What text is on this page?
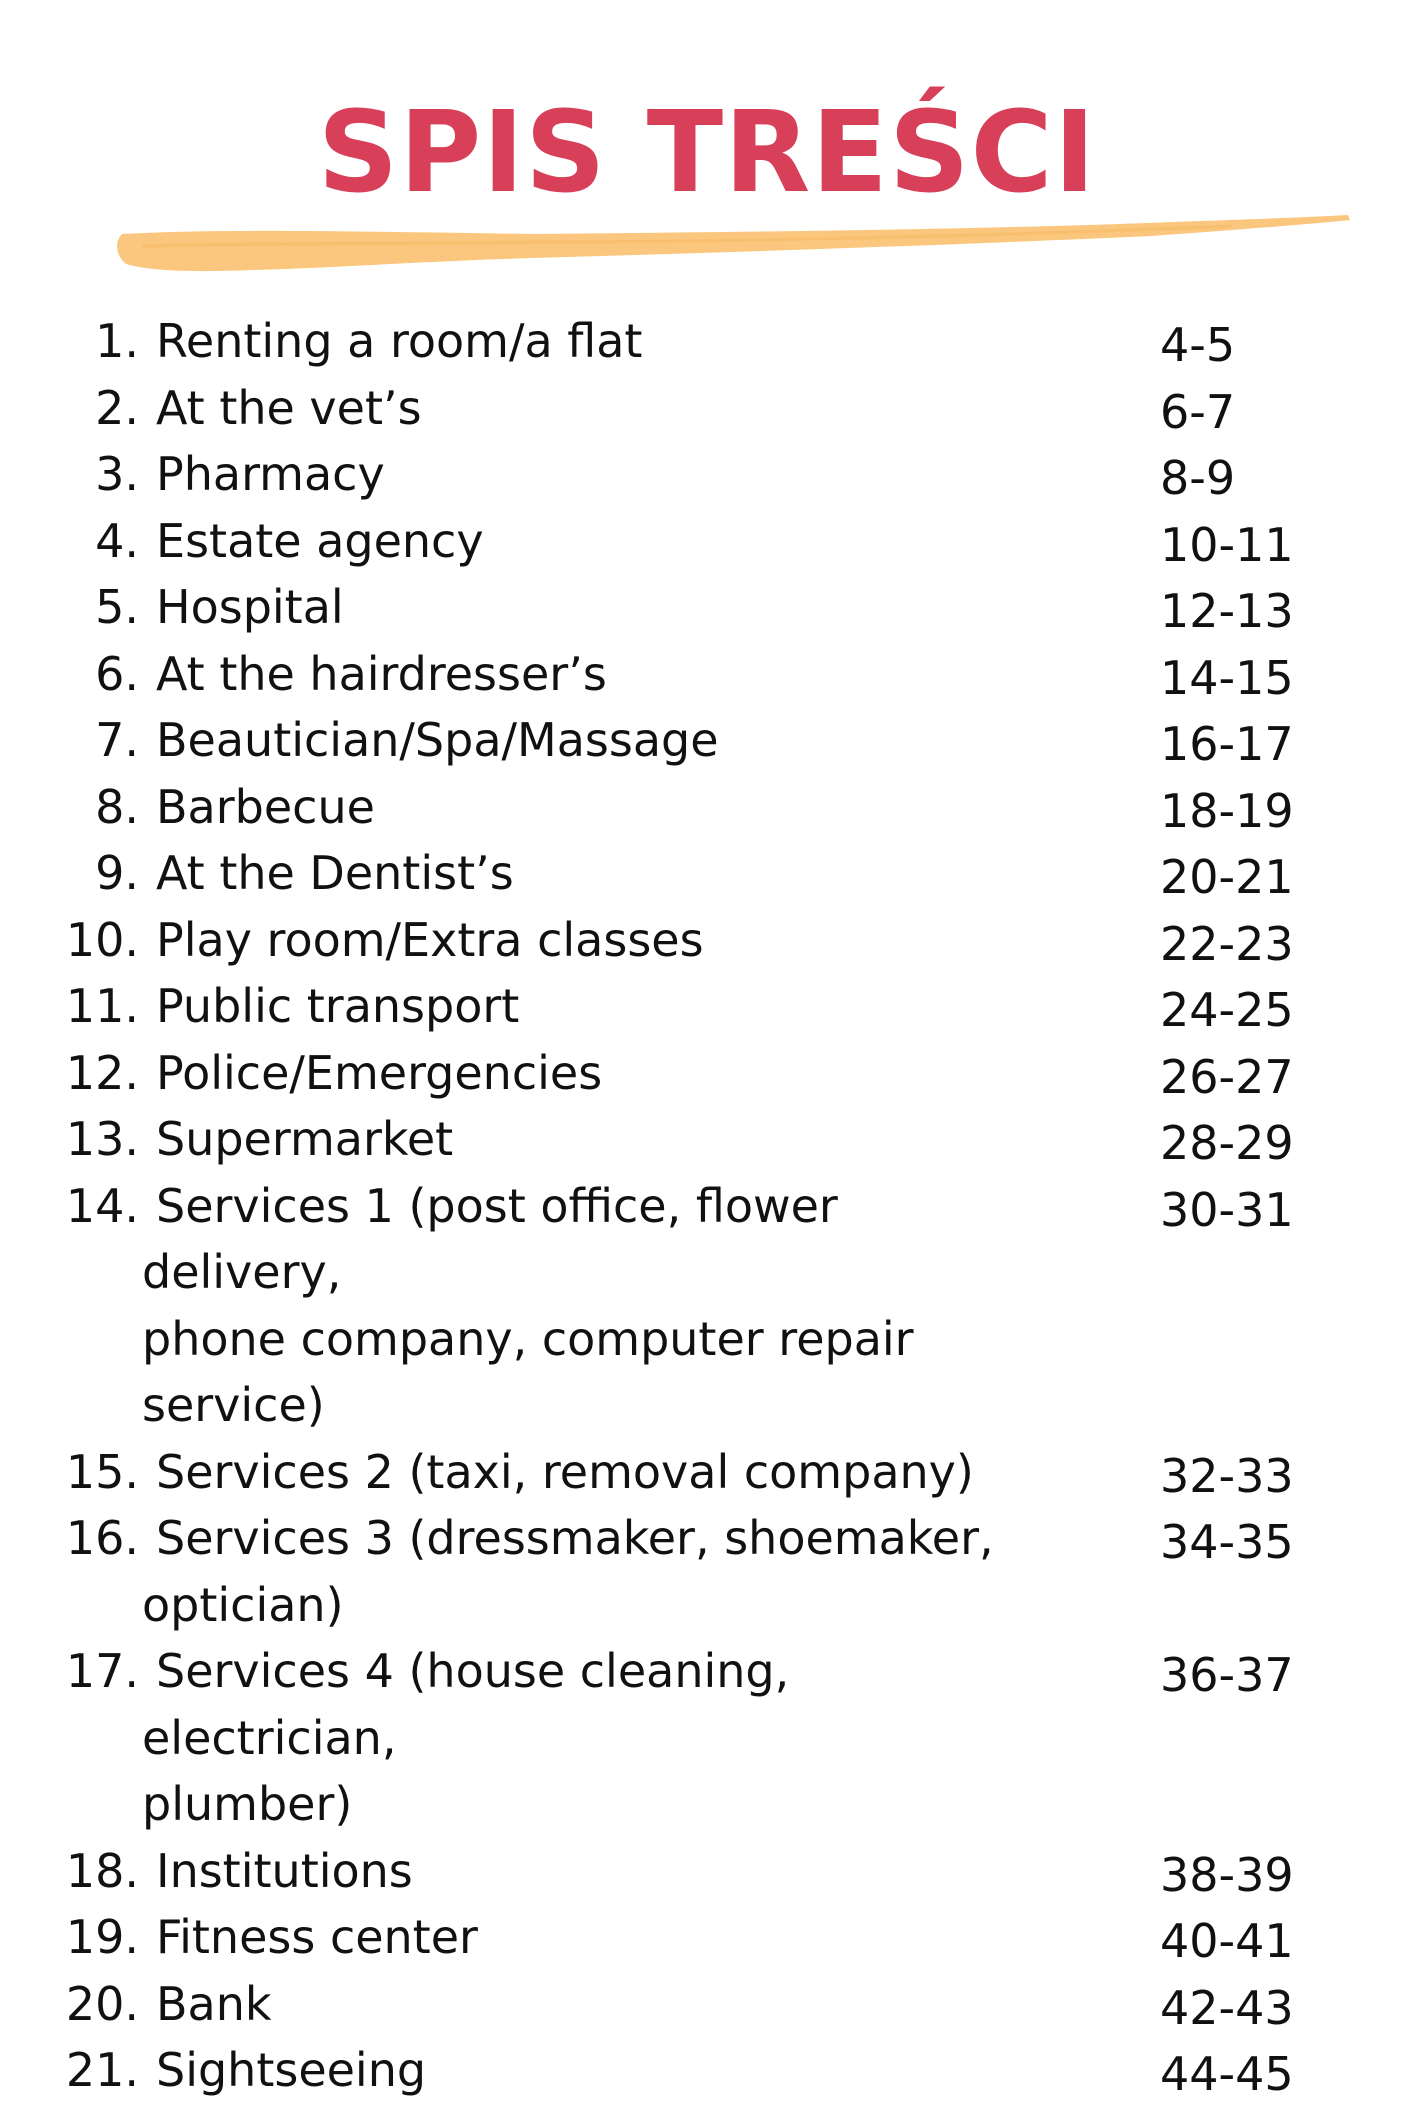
SPIS TREŚCI
1. Renting a room/a flat	4-5
2. At the vet’s	6-7
3. Pharmacy	8-9
4. Estate agency	10-11
5. Hospital	12-13
6. At the hairdresser’s	14-15
7. Beautician/Spa/Massage	16-17
8. Barbecue	18-19
9. At the Dentist’s	20-21
10. Play room/Extra classes	22-23
11. Public transport	24-25
12. Police/Emergencies	26-27
13. Supermarket	28-29
14. Services 1 (post office, flower delivery,
phone company, computer repair
service)
30-31
15. Services 2 (taxi, removal company)	32-33
16. Services 3 (dressmaker, shoemaker,
optician)
34-35
17. Services 4 (house cleaning, electrician,
plumber)
36-37
18. Institutions	38-39
19. Fitness center	40-41
20. Bank	42-43
21. Sightseeing	44-45
